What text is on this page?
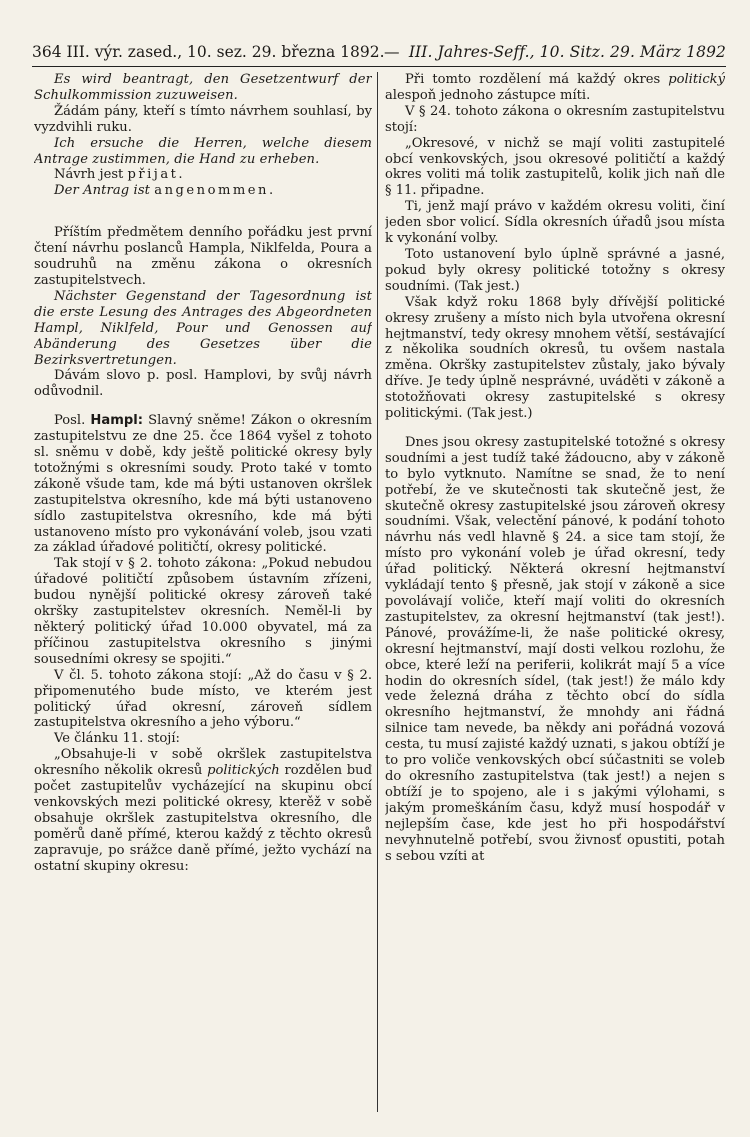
364 III. výr. zased., 10. sez. 29. března 1892. — III. Jahres-Seff., 10. Sitz. 29. März 1892

Es wird beantragt, den Gesetzentwurf der Schulkommission zuzuweisen.

Žádám pány, kteří s tímto návrhem souhlasí, by vyzdvihli ruku.

Ich ersuche die Herren, welche diesem Antrage zustimmen, die Hand zu erheben.

Návrh jest přijat.

Der Antrag ist angenommen.

Příštím předmětem denního pořádku jest první čtení návrhu poslanců Hampla, Niklfelda, Poura a soudruhů na změnu zákona o okresních zastupitelstvech.

Nächster Gegenstand der Tagesordnung ist die erste Lesung des Antrages des Abgeordneten Hampl, Niklfeld, Pour und Genossen auf Abänderung des Gesetzes über die Bezirksvertretungen.

Dávám slovo p. posl. Hamplovi, by svůj návrh odůvodnil.

Posl. Hampl: Slavný sněme! Zákon o okresním zastupitelstvu ze dne 25. čce 1864 vyšel z tohoto sl. sněmu v době, kdy ještě politické okresy byly totožnými s okresními soudy. Proto také v tomto zákoně všude tam, kde má býti ustanoven okršlek zastupitelstva okresního, kde má býti ustanoveno sídlo zastupitelstva okresního, kde má býti ustanoveno místo pro vykonávání voleb, jsou vzati za základ úřadové političtí, okresy politické.

Tak stojí v § 2. tohoto zákona: „Pokud nebudou úřadové političtí způsobem ústavním zřízeni, budou nynější politické okresy zároveň také okršky zastupitelstev okresních. Neměl-li by některý politický úřad 10.000 obyvatel, má za příčinou zastupitelstva okresního s jinými sousedními okresy se spojiti.“

V čl. 5. tohoto zákona stojí: „Až do času v § 2. připomenutého bude místo, ve kterém jest politický úřad okresní, zároveň sídlem zastupitelstva okresního a jeho výboru.“

Ve článku 11. stojí:

„Obsahuje-li v sobě okršlek zastupitelstva okresního několik okresů politických rozdělen buď počet zastupitelův vycházející na skupinu obcí venkovských mezi politické okresy, kterěž v sobě obsahuje okršlek zastupitelstva okresního, dle poměrů daně přímé, kterou každý z těchto okresů zapravuje, po srážce daně přímé, ježto vychází na ostatní skupiny okresu:

Při tomto rozdělení má každý okres politický alespoň jednoho zástupce míti.

V § 24. tohoto zákona o okresním zastupitelstvu stojí:

„Okresové, v nichž se mají voliti zastupitelé obcí venkovských, jsou okresové političtí a každý okres voliti má tolik zastupitelů, kolik jich naň dle § 11. připadne.

Ti, jenž mají právo v každém okresu voliti, činí jeden sbor volicí. Sídla okresních úřadů jsou místa k vykonání volby.

Toto ustanovení bylo úplně správné a jasné, pokud byly okresy politické totožny s okresy soudními. (Tak jest.)

Však když roku 1868 byly dřívější politické okresy zrušeny a místo nich byla utvořena okresní hejtmanství, tedy okresy mnohem větší, sestávající z několika soudních okresů, tu ovšem nastala změna. Okršky zastupitelstev zůstaly, jako bývaly dříve. Je tedy úplně nesprávné, uváděti v zákoně a stotožňovati okresy zastupitelské s okresy politickými. (Tak jest.)

Dnes jsou okresy zastupitelské totožné s okresy soudními a jest tudíž také žádoucno, aby v zákoně to bylo vytknuto. Namítne se snad, že to není potřebí, že ve skutečnosti tak skutečně jest, že skutečně okresy zastupitelské jsou zároveň okresy soudními. Však, velectění pánové, k podání tohoto návrhu nás vedl hlavně § 24. a sice tam stojí, že místo pro vykonání voleb je úřad okresní, tedy úřad politický. Některá okresní hejtmanství vykládají tento § přesně, jak stojí v zákoně a sice povolávají voliče, kteří mají voliti do okresních zastupitelstev, za okresní hejtmanství (tak jest!). Pánové, provážíme-li, že naše politické okresy, okresní hejtmanství, mají dosti velkou rozlohu, že obce, které leží na periferii, kolikrát mají 5 a více hodin do okresních sídel, (tak jest!) že málo kdy vede železná dráha z těchto obcí do sídla okresního hejtmanství, že mnohdy ani řádná silnice tam nevede, ba někdy ani pořádná vozová cesta, tu musí zajisté každý uznati, s jakou obtíží je to pro voliče venkovských obcí súčastniti se voleb do okresního zastupitelstva (tak jest!) a nejen s obtíží je to spojeno, ale i s jakými výlohami, s jakým promeškáním času, když musí hospodář v nejlepším čase, kde jest ho při hospodářství nevyhnutelně potřebí, svou živnosť opustiti, potah s sebou vzíti at
